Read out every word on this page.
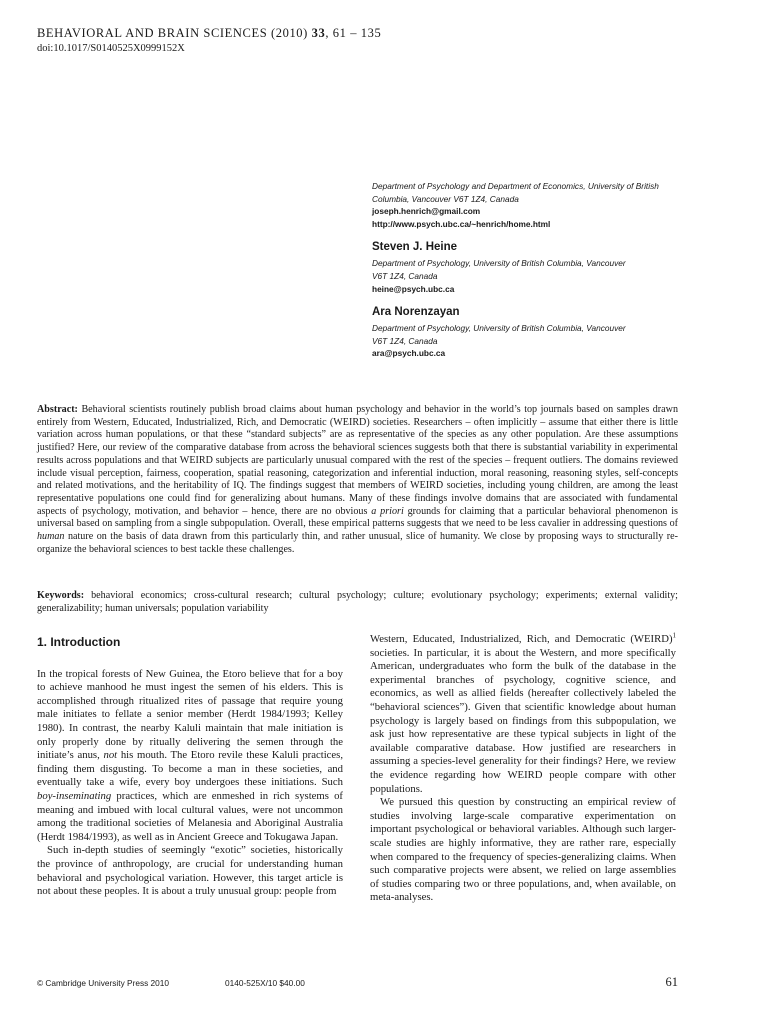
BEHAVIORAL AND BRAIN SCIENCES (2010) 33, 61 – 135
doi:10.1017/S0140525X0999152X
Department of Psychology and Department of Economics, University of British
Columbia, Vancouver V6T 1Z4, Canada
joseph.henrich@gmail.com
http://www.psych.ubc.ca/~henrich/home.html
Steven J. Heine
Department of Psychology, University of British Columbia, Vancouver
V6T 1Z4, Canada
heine@psych.ubc.ca
Ara Norenzayan
Department of Psychology, University of British Columbia, Vancouver
V6T 1Z4, Canada
ara@psych.ubc.ca
Abstract: Behavioral scientists routinely publish broad claims about human psychology and behavior in the world’s top journals based on samples drawn entirely from Western, Educated, Industrialized, Rich, and Democratic (WEIRD) societies. Researchers – often implicitly – assume that either there is little variation across human populations, or that these “standard subjects” are as representative of the species as any other population. Are these assumptions justified? Here, our review of the comparative database from across the behavioral sciences suggests both that there is substantial variability in experimental results across populations and that WEIRD subjects are particularly unusual compared with the rest of the species – frequent outliers. The domains reviewed include visual perception, fairness, cooperation, spatial reasoning, categorization and inferential induction, moral reasoning, reasoning styles, self-concepts and related motivations, and the heritability of IQ. The findings suggest that members of WEIRD societies, including young children, are among the least representative populations one could find for generalizing about humans. Many of these findings involve domains that are associated with fundamental aspects of psychology, motivation, and behavior – hence, there are no obvious a priori grounds for claiming that a particular behavioral phenomenon is universal based on sampling from a single subpopulation. Overall, these empirical patterns suggests that we need to be less cavalier in addressing questions of human nature on the basis of data drawn from this particularly thin, and rather unusual, slice of humanity. We close by proposing ways to structurally re-organize the behavioral sciences to best tackle these challenges.
Keywords: behavioral economics; cross-cultural research; cultural psychology; culture; evolutionary psychology; experiments; external validity; generalizability; human universals; population variability
1. Introduction

In the tropical forests of New Guinea, the Etoro believe that for a boy to achieve manhood he must ingest the semen of his elders. This is accomplished through ritualized rites of passage that require young male initiates to fellate a senior member (Herdt 1984/1993; Kelley 1980). In contrast, the nearby Kaluli maintain that male initiation is only properly done by ritually delivering the semen through the initiate’s anus, not his mouth. The Etoro revile these Kaluli practices, finding them disgusting. To become a man in these societies, and eventually take a wife, every boy undergoes these initiations. Such boy-inseminating practices, which are enmeshed in rich systems of meaning and imbued with local cultural values, were not uncommon among the traditional societies of Melanesia and Aboriginal Australia (Herdt 1984/1993), as well as in Ancient Greece and Tokugawa Japan.

Such in-depth studies of seemingly “exotic” societies, historically the province of anthropology, are crucial for understanding human behavioral and psychological variation. However, this target article is not about these peoples. It is about a truly unusual group: people from

Western, Educated, Industrialized, Rich, and Democratic (WEIRD)$^1$ societies. In particular, it is about the Western, and more specifically American, undergraduates who form the bulk of the database in the experimental branches of psychology, cognitive science, and economics, as well as allied fields (hereafter collectively labeled the “behavioral sciences”). Given that scientific knowledge about human psychology is largely based on findings from this subpopulation, we ask just how representative are these typical subjects in light of the available comparative database. How justified are researchers in assuming a species-level generality for their findings? Here, we review the evidence regarding how WEIRD people compare with other populations.

We pursued this question by constructing an empirical review of studies involving large-scale comparative experimentation on important psychological or behavioral variables. Although such larger-scale studies are highly informative, they are rather rare, especially when compared to the frequency of species-generalizing claims. When such comparative projects were absent, we relied on large assemblies of studies comparing two or three populations, and, when available, on meta-analyses.

© Cambridge University Press 2010	0140-525X/10 $40.00	61
